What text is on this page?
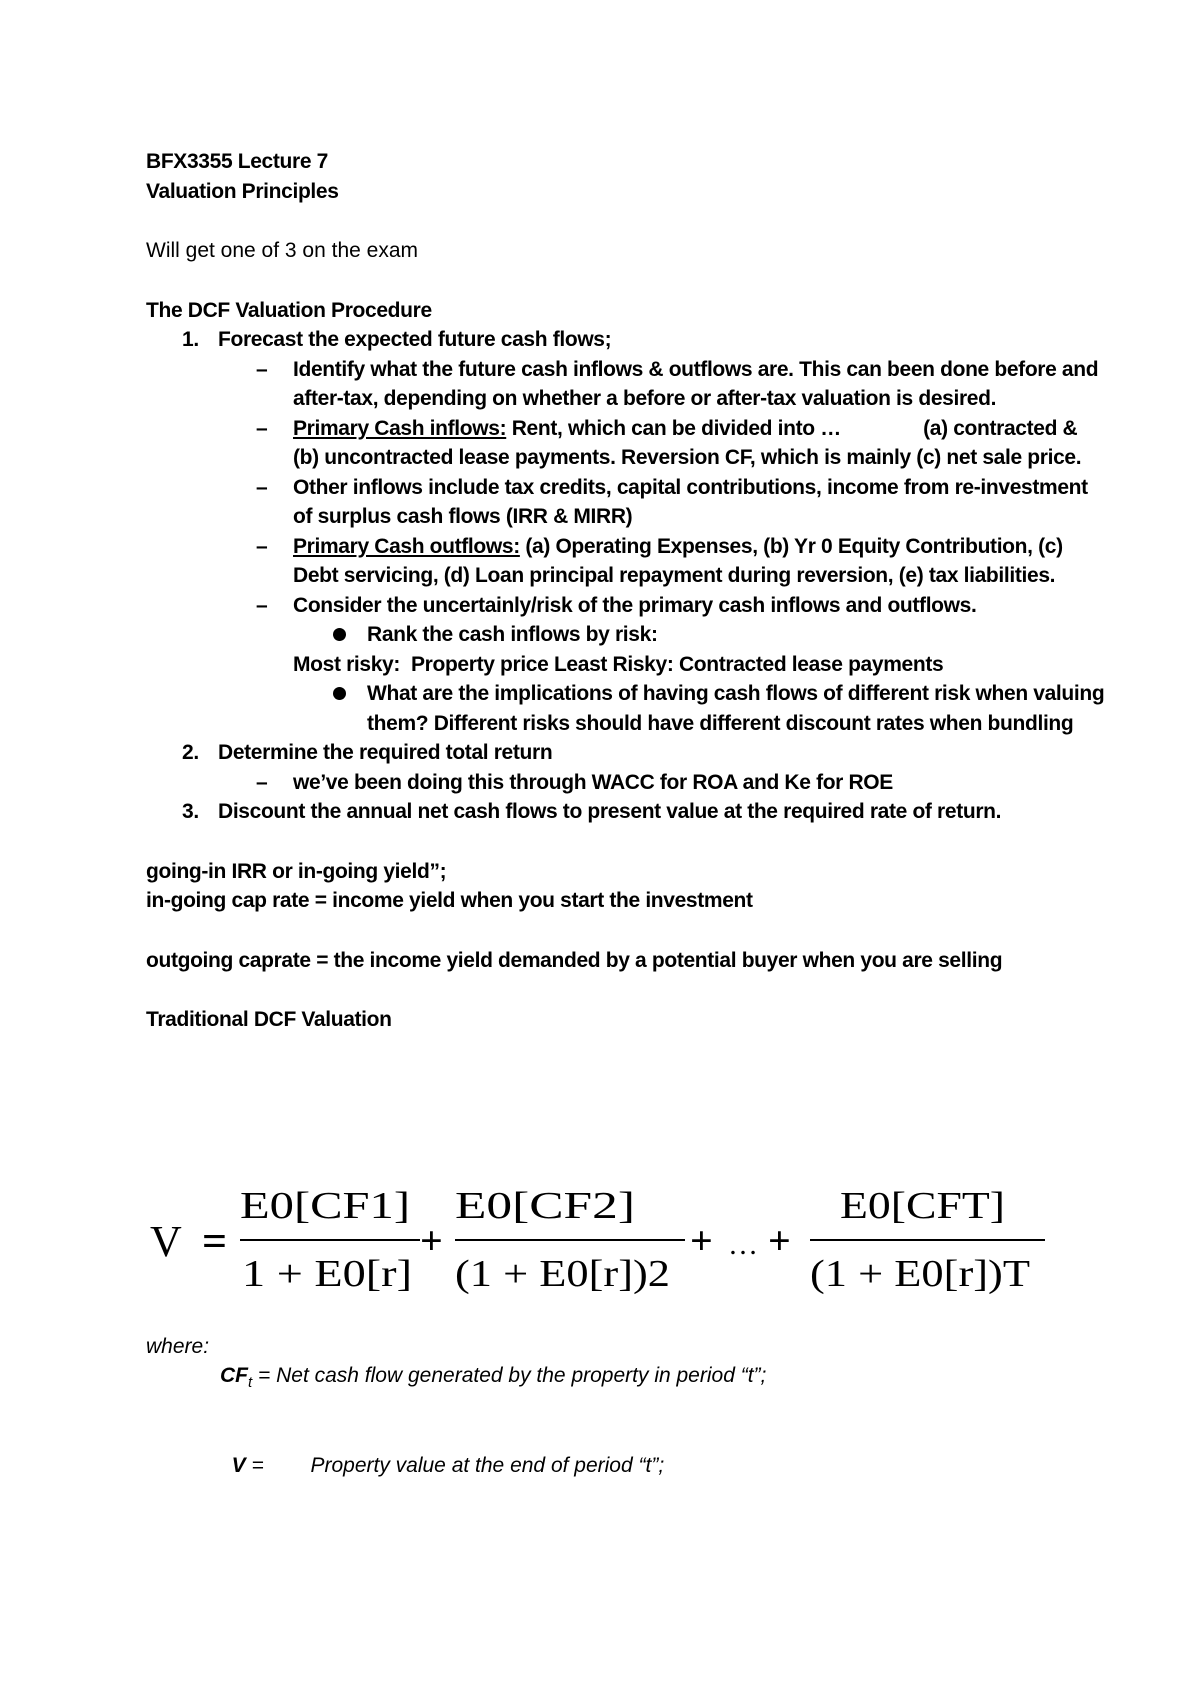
BFX3355 Lecture 7
Valuation Principles
Will get one of 3 on the exam
The DCF Valuation Procedure
1. Forecast the expected future cash flows;
–	Identify what the future cash inflows & outflows are. This can been done before and after-tax, depending on whether a before or after-tax valuation is desired.
–	Primary Cash inflows: Rent, which can be divided into …               (a) contracted & (b) uncontracted lease payments. Reversion CF, which is mainly (c) net sale price.
–	Other inflows include tax credits, capital contributions, income from re-investment of surplus cash flows (IRR & MIRR)
–	Primary Cash outflows: (a) Operating Expenses, (b) Yr 0 Equity Contribution, (c) Debt servicing, (d) Loan principal repayment during reversion, (e) tax liabilities.
–	Consider the uncertainly/risk of the primary cash inflows and outflows.
Rank the cash inflows by risk:
Most risky:  Property price Least Risky: Contracted lease payments
What are the implications of having cash flows of different risk when valuing them? Different risks should have different discount rates when bundling
2. Determine the required total return
–	we’ve been doing this through WACC for ROA and Ke for ROE
3. Discount the annual net cash flows to present value at the required rate of return.
going-in IRR or in-going yield”;
in-going cap rate = income yield when you start the investment
outgoing caprate = the income yield demanded by a potential buyer when you are selling
Traditional DCF Valuation
V =
E0[CF1]
1 + E0[r]
+
E0[CF2]
(1 + E0[r])2
+ … +
E0[CFT]
(1 + E0[r])T
where:
$CF_t$ = Net cash flow generated by the property in period “t”;

V =        Property value at the end of period “t”;
